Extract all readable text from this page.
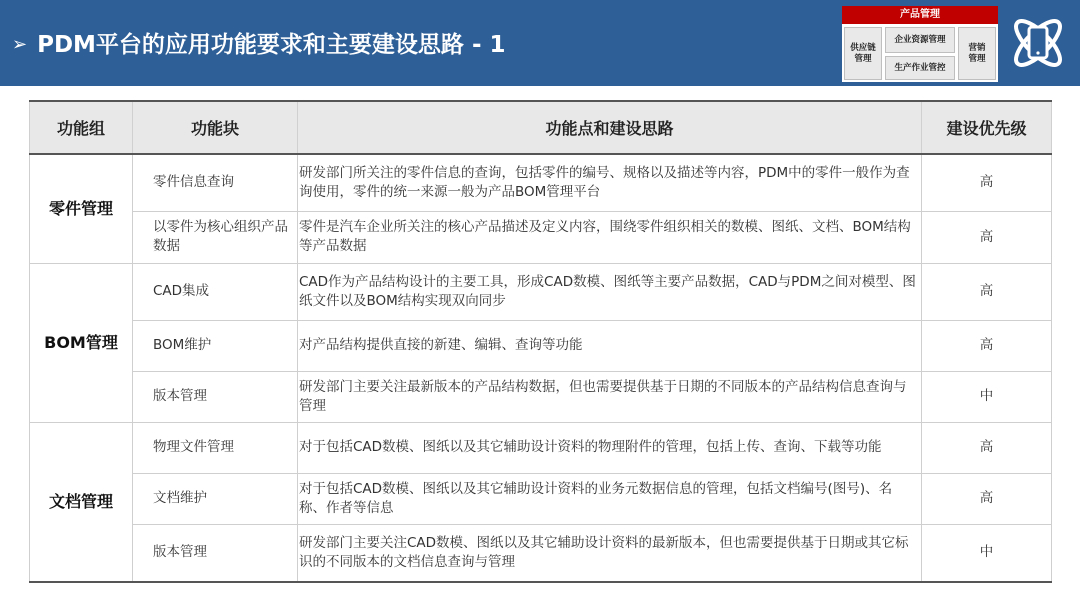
➢ PDM平台的应用功能要求和主要建设思路 - 1
产品管理
供应链
管理
企业资源管理
生产作业管控
营销
管理
功能组	功能块	功能点和建设思路	建设优先级
零件管理	零件信息查询	研发部门所关注的零件信息的查询，包括零件的编号、规格以及描述等内容，PDM中的零件一般作为查询使用，零件的统一来源一般为产品BOM管理平台	高
	以零件为核心组织产品数据	零件是汽车企业所关注的核心产品描述及定义内容，围绕零件组织相关的数模、图纸、文档、BOM结构等产品数据	高
BOM管理	CAD集成	CAD作为产品结构设计的主要工具，形成CAD数模、图纸等主要产品数据，CAD与PDM之间对模型、图纸文件以及BOM结构实现双向同步	高
	BOM维护	对产品结构提供直接的新建、编辑、查询等功能	高
	版本管理	研发部门主要关注最新版本的产品结构数据，但也需要提供基于日期的不同版本的产品结构信息查询与管理	中
文档管理	物理文件管理	对于包括CAD数模、图纸以及其它辅助设计资料的物理附件的管理，包括上传、查询、下载等功能	高
	文档维护	对于包括CAD数模、图纸以及其它辅助设计资料的业务元数据信息的管理，包括文档编号(图号)、名称、作者等信息	高
	版本管理	研发部门主要关注CAD数模、图纸以及其它辅助设计资料的最新版本，但也需要提供基于日期或其它标识的不同版本的文档信息查询与管理	中
